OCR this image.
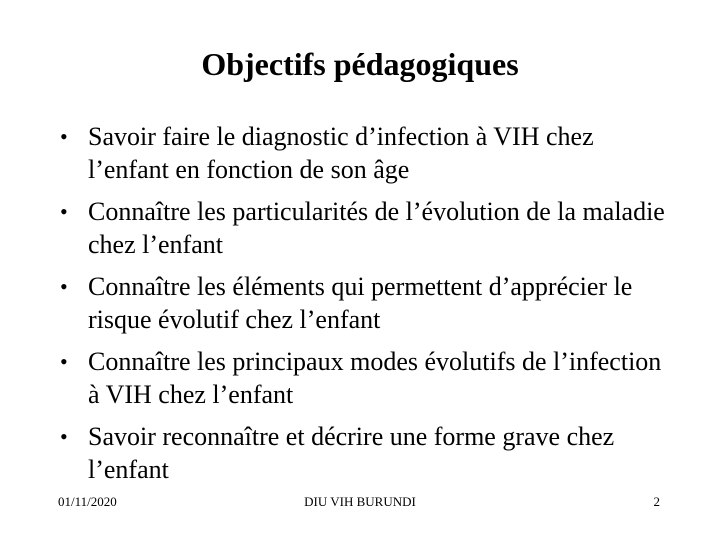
Objectifs pédagogiques
• Savoir faire le diagnostic d’infection à VIH chez l’enfant en fonction de son âge
• Connaître les particularités de l’évolution de la maladie chez l’enfant
• Connaître les éléments qui permettent d’apprécier le risque évolutif chez l’enfant
• Connaître les principaux modes évolutifs de l’infection à VIH chez l’enfant
• Savoir reconnaître et décrire une forme grave chez l’enfant
01/11/2020	DIU VIH BURUNDI	2
